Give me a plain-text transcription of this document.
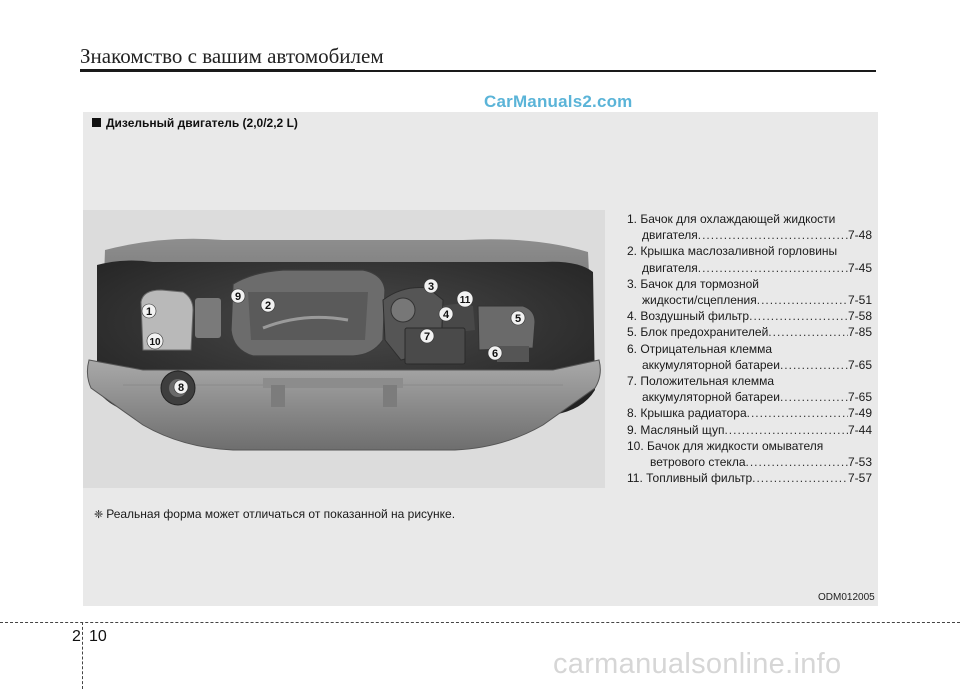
Знакомство с вашим автомобилем
CarManuals2.com
Дизельный двигатель (2,0/2,2 L)
1	2
3
4	5
6
7
8
9
10
11
1. Бачок для охлаждающей жидкости
двигателя .....	7-48
2. Крышка маслозаливной горловины
двигателя .....	7-45
3. Бачок для тормозной
жидкости/сцепления .....	7-51
4. Воздушный фильтр .....	7-58
5. Блок предохранителей .....	7-85
6. Отрицательная клемма
аккумуляторной батареи .....	7-65
7. Положительная клемма
аккумуляторной батареи .....	7-65
8. Крышка радиатора .....	7-49
9. Масляный щуп .....	7-44
10. Бачок для жидкости омывателя
ветрового стекла .....	7-53
11. Топливный фильтр .....	7-57
❈ Реальная форма может отличаться от показанной на рисунке.
ODM012005
2 10
carmanualsonline.info
